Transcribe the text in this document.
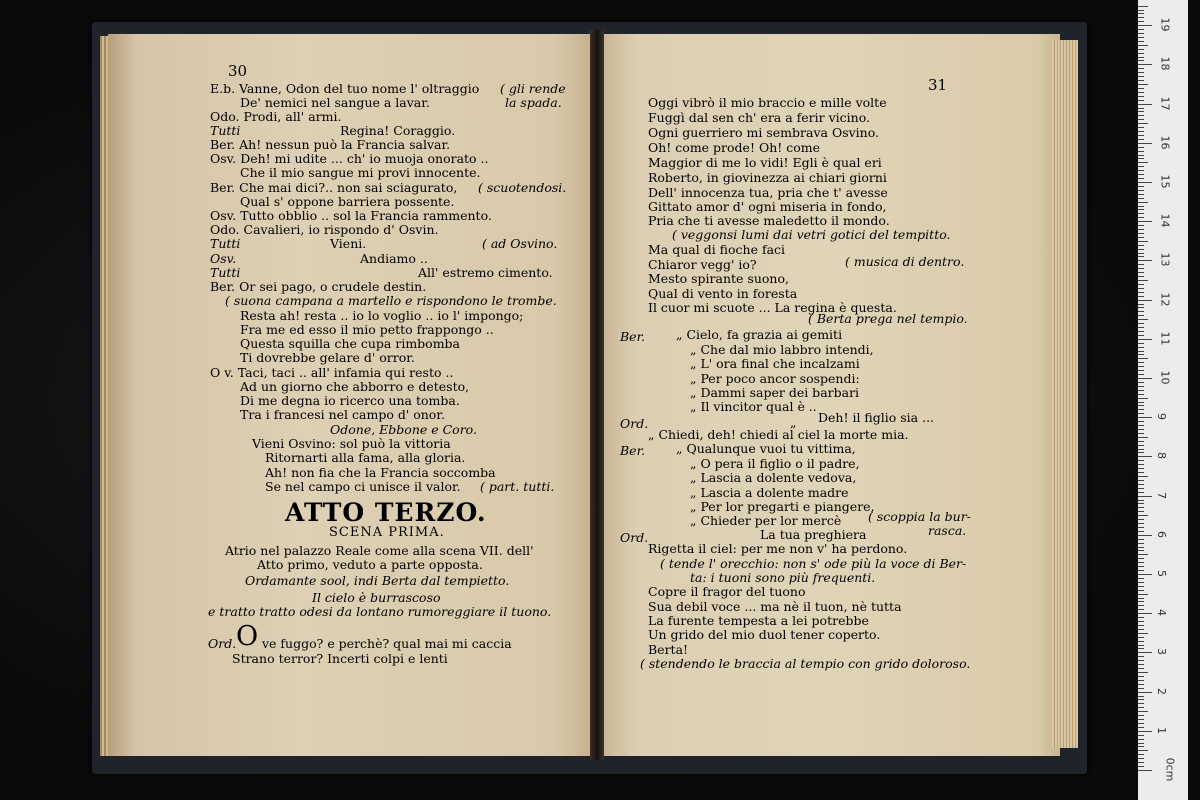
30
31
ATTO TERZO.
SCENA PRIMA.
O
E.b. Vanne, Odon del tuo nome l' oltraggio ( gli rende
De' nemici nel sangue a lavar.	la spada.
Odo. Prodi, all' armi.
Tutti	Regina! Coraggio.
Ber. Ah! nessun può la Francia salvar.
Osv. Deh! mi udite ... ch' io muoja onorato ..
Che il mio sangue mi provi innocente.
Ber. Che mai dici?.. non sai sciagurato, ( scuotendosi.
Qual s' oppone barriera possente.
Osv. Tutto obblio .. sol la Francia rammento.
Odo. Cavalieri, io rispondo d' Osvin.
Tutti	Vieni.	( ad Osvino.
Osv.	Andiamo ..
Tutti	All' estremo cimento.
Ber. Or sei pago, o crudele destin.
( suona campana a martello e rispondono le trombe.
Resta ah! resta .. io lo voglio .. io l' impongo;
Fra me ed esso il mio petto frappongo ..
Questa squilla che cupa rimbomba
Ti dovrebbe gelare d' orror.
O v. Taci, taci .. all' infamia qui resto ..
Ad un giorno che abborro e detesto,
Di me degna io ricerco una tomba.
Tra i francesi nel campo d' onor.
Odone, Ebbone e Coro.
Vieni Osvino: sol può la vittoria
Ritornarti alla fama, alla gloria.
Ah! non fia che la Francia soccomba
Se nel campo ci unisce il valor. ( part. tutti.
Atrio nel palazzo Reale come alla scena VII. dell'
Atto primo, veduto a parte opposta.
Ordamante sool, indi Berta dal tempietto.
Il cielo è burrascoso
e tratto tratto odesi da lontano rumoreggiare il tuono.
Ord. ve fuggo? e perchè? qual mai mi caccia
Strano terror? Incerti colpi e lenti
Oggi vibrò il mio braccio e mille volte
Fuggì dal sen ch' era a ferir vicino.
Ogni guerriero mi sembrava Osvino.
Oh! come prode! Oh! come
Maggior di me lo vidi! Egli è qual eri
Roberto, in giovinezza ai chiari giorni
Dell' innocenza tua, pria che t' avesse
Gittato amor d' ogni miseria in fondo,
Pria che ti avesse maledetto il mondo.
( veggonsi lumi dai vetri gotici del tempitto.
Ma qual di fioche faci
Chiaror vegg' io?	( musica di dentro.
Mesto spirante suono,
Qual di vento in foresta
Il cuor mi scuote ... La regina è questa.
( Berta prega nel tempio.
Ber. „ Cielo, fa grazia ai gemiti
„ Che dal mio labbro intendi,
„ L' ora final che incalzami
„ Per poco ancor sospendi:
„ Dammi saper dei barbari
„ Il vincitor qual è ..
Ord.	„ Deh! il figlio sia ...
„ Chiedi, deh! chiedi al ciel la morte mia.
Ber. „ Qualunque vuoi tu vittima,
„ O pera il figlio o il padre,
„ Lascia a dolente vedova,
„ Lascia a dolente madre
„ Per lor pregarti e piangere,
„ Chieder per lor mercè ( scoppia la bur-
rasca.
Ord.	La tua preghiera
Rigetta il ciel: per me non v' ha perdono.
( tende l' orecchio: non s' ode più la voce di Ber-
ta: i tuoni sono più frequenti.
Copre il fragor del tuono
Sua debil voce ... ma nè il tuon, nè tutta
La furente tempesta a lei potrebbe
Un grido del mio duol tener coperto.
Berta!
( stendendo le braccia al tempio con grido doloroso.
0cm
1
2
3
4
5
6
7
8
9
10
11
12
13
14
15
16
17
18
19
